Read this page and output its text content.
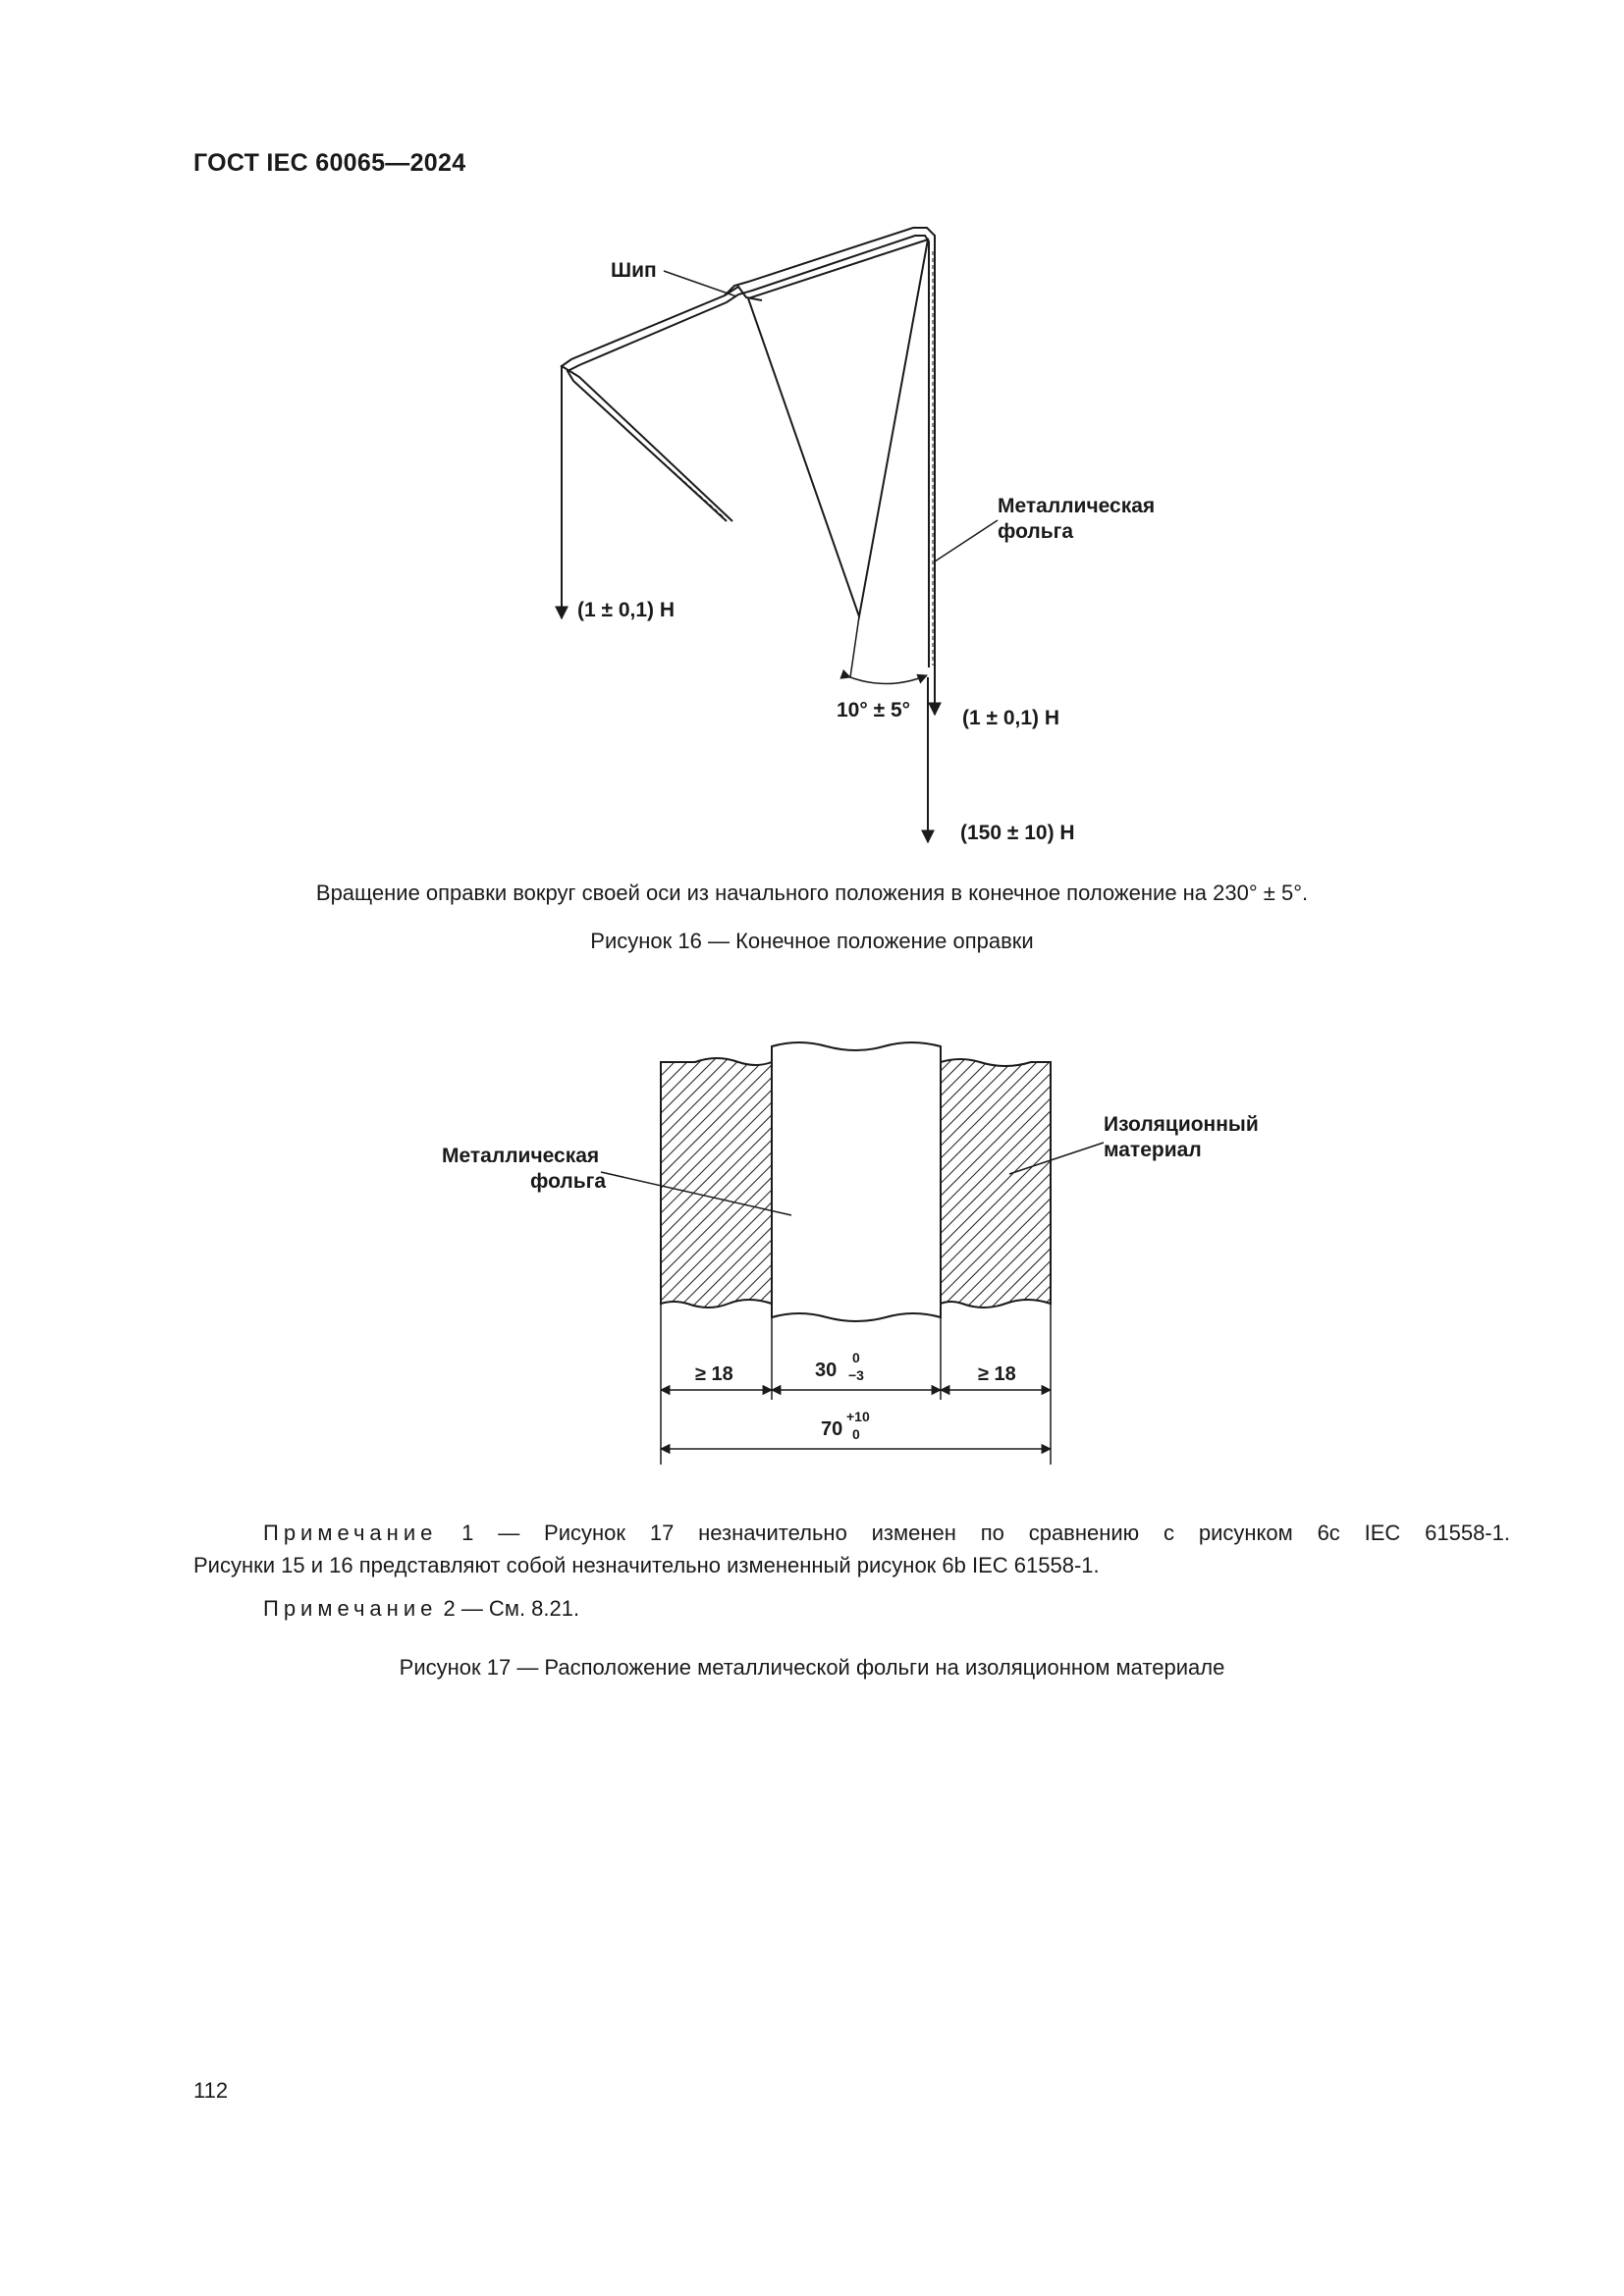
ГОСТ IEC 60065—2024
Шип
Металлическая
фольга
(1 ± 0,1) Н
10° ± 5°	(1 ± 0,1) Н
(150 ± 10) Н
Вращение оправки вокруг своей оси из начального положения в конечное положение на 230° ± 5°.
Рисунок 16 — Конечное положение оправки
Металлическая
фольга
Изоляционный
материал
≥ 18	30
0
−3	≥ 18
70
+10
0
Примечание 1 — Рисунок 17 незначительно изменен по сравнению с рисунком 6c IEC 61558-1.
Рисунки 15 и 16 представляют собой незначительно измененный рисунок 6b IEC 61558-1.
Примечание 2 — См. 8.21.
Рисунок 17 — Расположение металлической фольги на изоляционном материале
112
